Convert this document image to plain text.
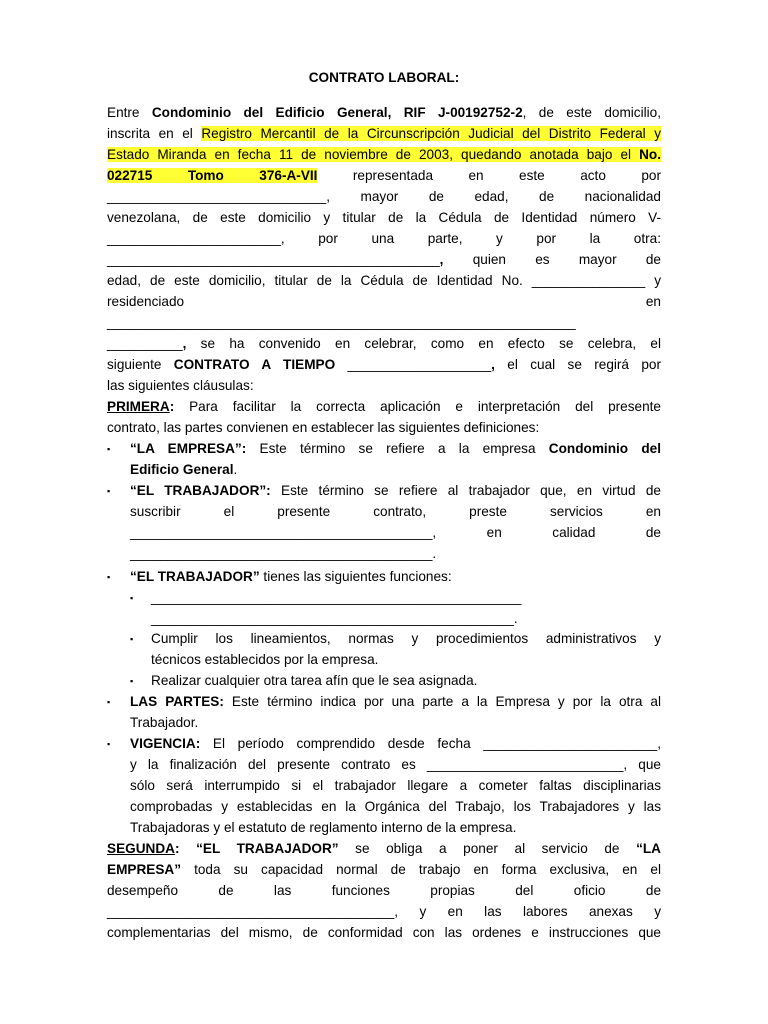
CONTRATO LABORAL:
Entre Condominio del Edificio General, RIF J-00192752-2, de este domicilio,
inscrita en el Registro Mercantil de la Circunscripción Judicial del Distrito Federal y
Estado Miranda en fecha 11 de noviembre de 2003, quedando anotada bajo el No.
022715 Tomo 376-A-VII representada en este acto por
_____________________________, mayor de edad, de nacionalidad
venezolana, de este domicilio y titular de la Cédula de Identidad número V-
_______________________, por una parte, y por la otra:
____________________________________________, quien es mayor de
edad, de este domicilio, titular de la Cédula de Identidad No. _______________ y
residenciado en
______________________________________________________________
__________, se ha convenido en celebrar, como en efecto se celebra, el
siguiente CONTRATO A TIEMPO ___________________, el cual se regirá por
las siguientes cláusulas:
PRIMERA: Para facilitar la correcta aplicación e interpretación del presente
contrato, las partes convienen en establecer las siguientes definiciones:
▪	“LA EMPRESA”: Este término se refiere a la empresa Condominio del
Edificio General.
▪	“EL TRABAJADOR”: Este término se refiere al trabajador que, en virtud de
suscribir el presente contrato, preste servicios en
________________________________________, en calidad de
________________________________________.
▪	“EL TRABAJADOR” tienes las siguientes funciones:
▪	_________________________________________________
________________________________________________.
▪	Cumplir los lineamientos, normas y procedimientos administrativos y
técnicos establecidos por la empresa.
▪	Realizar cualquier otra tarea afín que le sea asignada.
▪	LAS PARTES: Este término indica por una parte a la Empresa y por la otra al
Trabajador.
▪	VIGENCIA: El período comprendido desde fecha _______________________,
y la finalización del presente contrato es __________________________, que
sólo será interrumpido si el trabajador llegare a cometer faltas disciplinarias
comprobadas y establecidas en la Orgánica del Trabajo, los Trabajadores y las
Trabajadoras y el estatuto de reglamento interno de la empresa.
SEGUNDA: “EL TRABAJADOR” se obliga a poner al servicio de “LA
EMPRESA” toda su capacidad normal de trabajo en forma exclusiva, en el
desempeño de las funciones propias del oficio de
______________________________________, y en las labores anexas y
complementarias del mismo, de conformidad con las ordenes e instrucciones que
